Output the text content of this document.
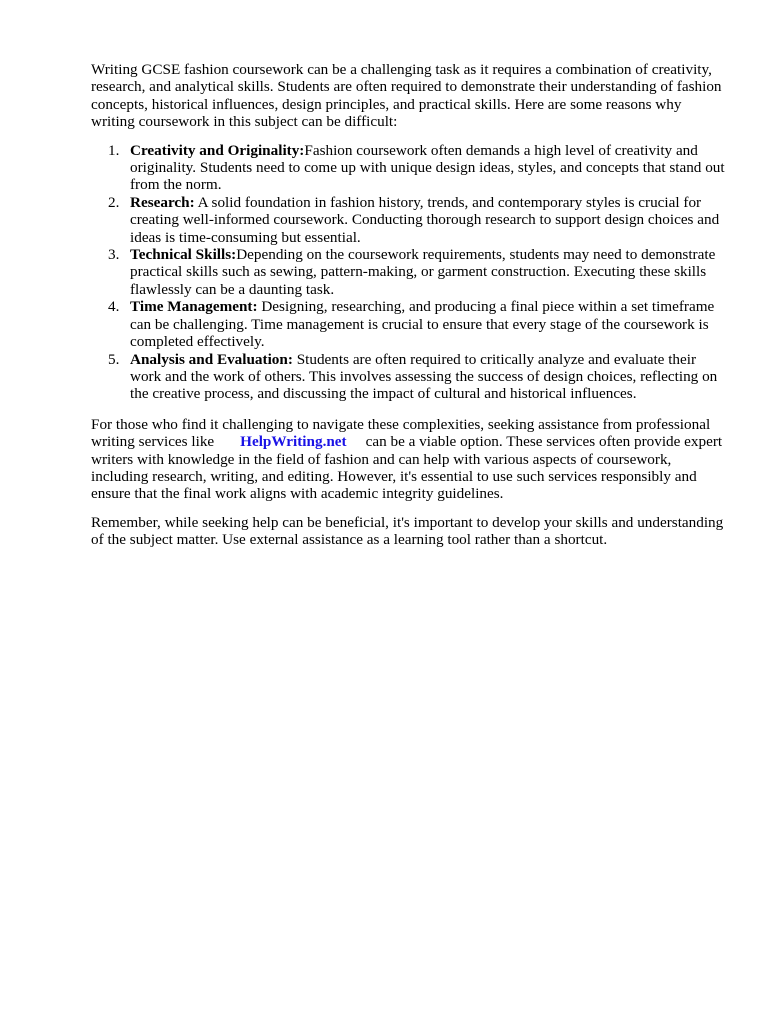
Writing GCSE fashion coursework can be a challenging task as it requires a combination of creativity, research, and analytical skills. Students are often required to demonstrate their understanding of fashion concepts, historical influences, design principles, and practical skills. Here are some reasons why writing coursework in this subject can be difficult:

1. Creativity and Originality:Fashion coursework often demands a high level of creativity and originality. Students need to come up with unique design ideas, styles, and concepts that stand out from the norm.
2. Research: A solid foundation in fashion history, trends, and contemporary styles is crucial for creating well-informed coursework. Conducting thorough research to support design choices and ideas is time-consuming but essential.
3. Technical Skills:Depending on the coursework requirements, students may need to demonstrate practical skills such as sewing, pattern-making, or garment construction. Executing these skills flawlessly can be a daunting task.
4. Time Management: Designing, researching, and producing a final piece within a set timeframe can be challenging. Time management is crucial to ensure that every stage of the coursework is completed effectively.
5. Analysis and Evaluation: Students are often required to critically analyze and evaluate their work and the work of others. This involves assessing the success of design choices, reflecting on the creative process, and discussing the impact of cultural and historical influences.

For those who find it challenging to navigate these complexities, seeking assistance from professional writing services like HelpWriting.net can be a viable option. These services often provide expert writers with knowledge in the field of fashion and can help with various aspects of coursework, including research, writing, and editing. However, it's essential to use such services responsibly and ensure that the final work aligns with academic integrity guidelines.

Remember, while seeking help can be beneficial, it's important to develop your skills and understanding of the subject matter. Use external assistance as a learning tool rather than a shortcut.
